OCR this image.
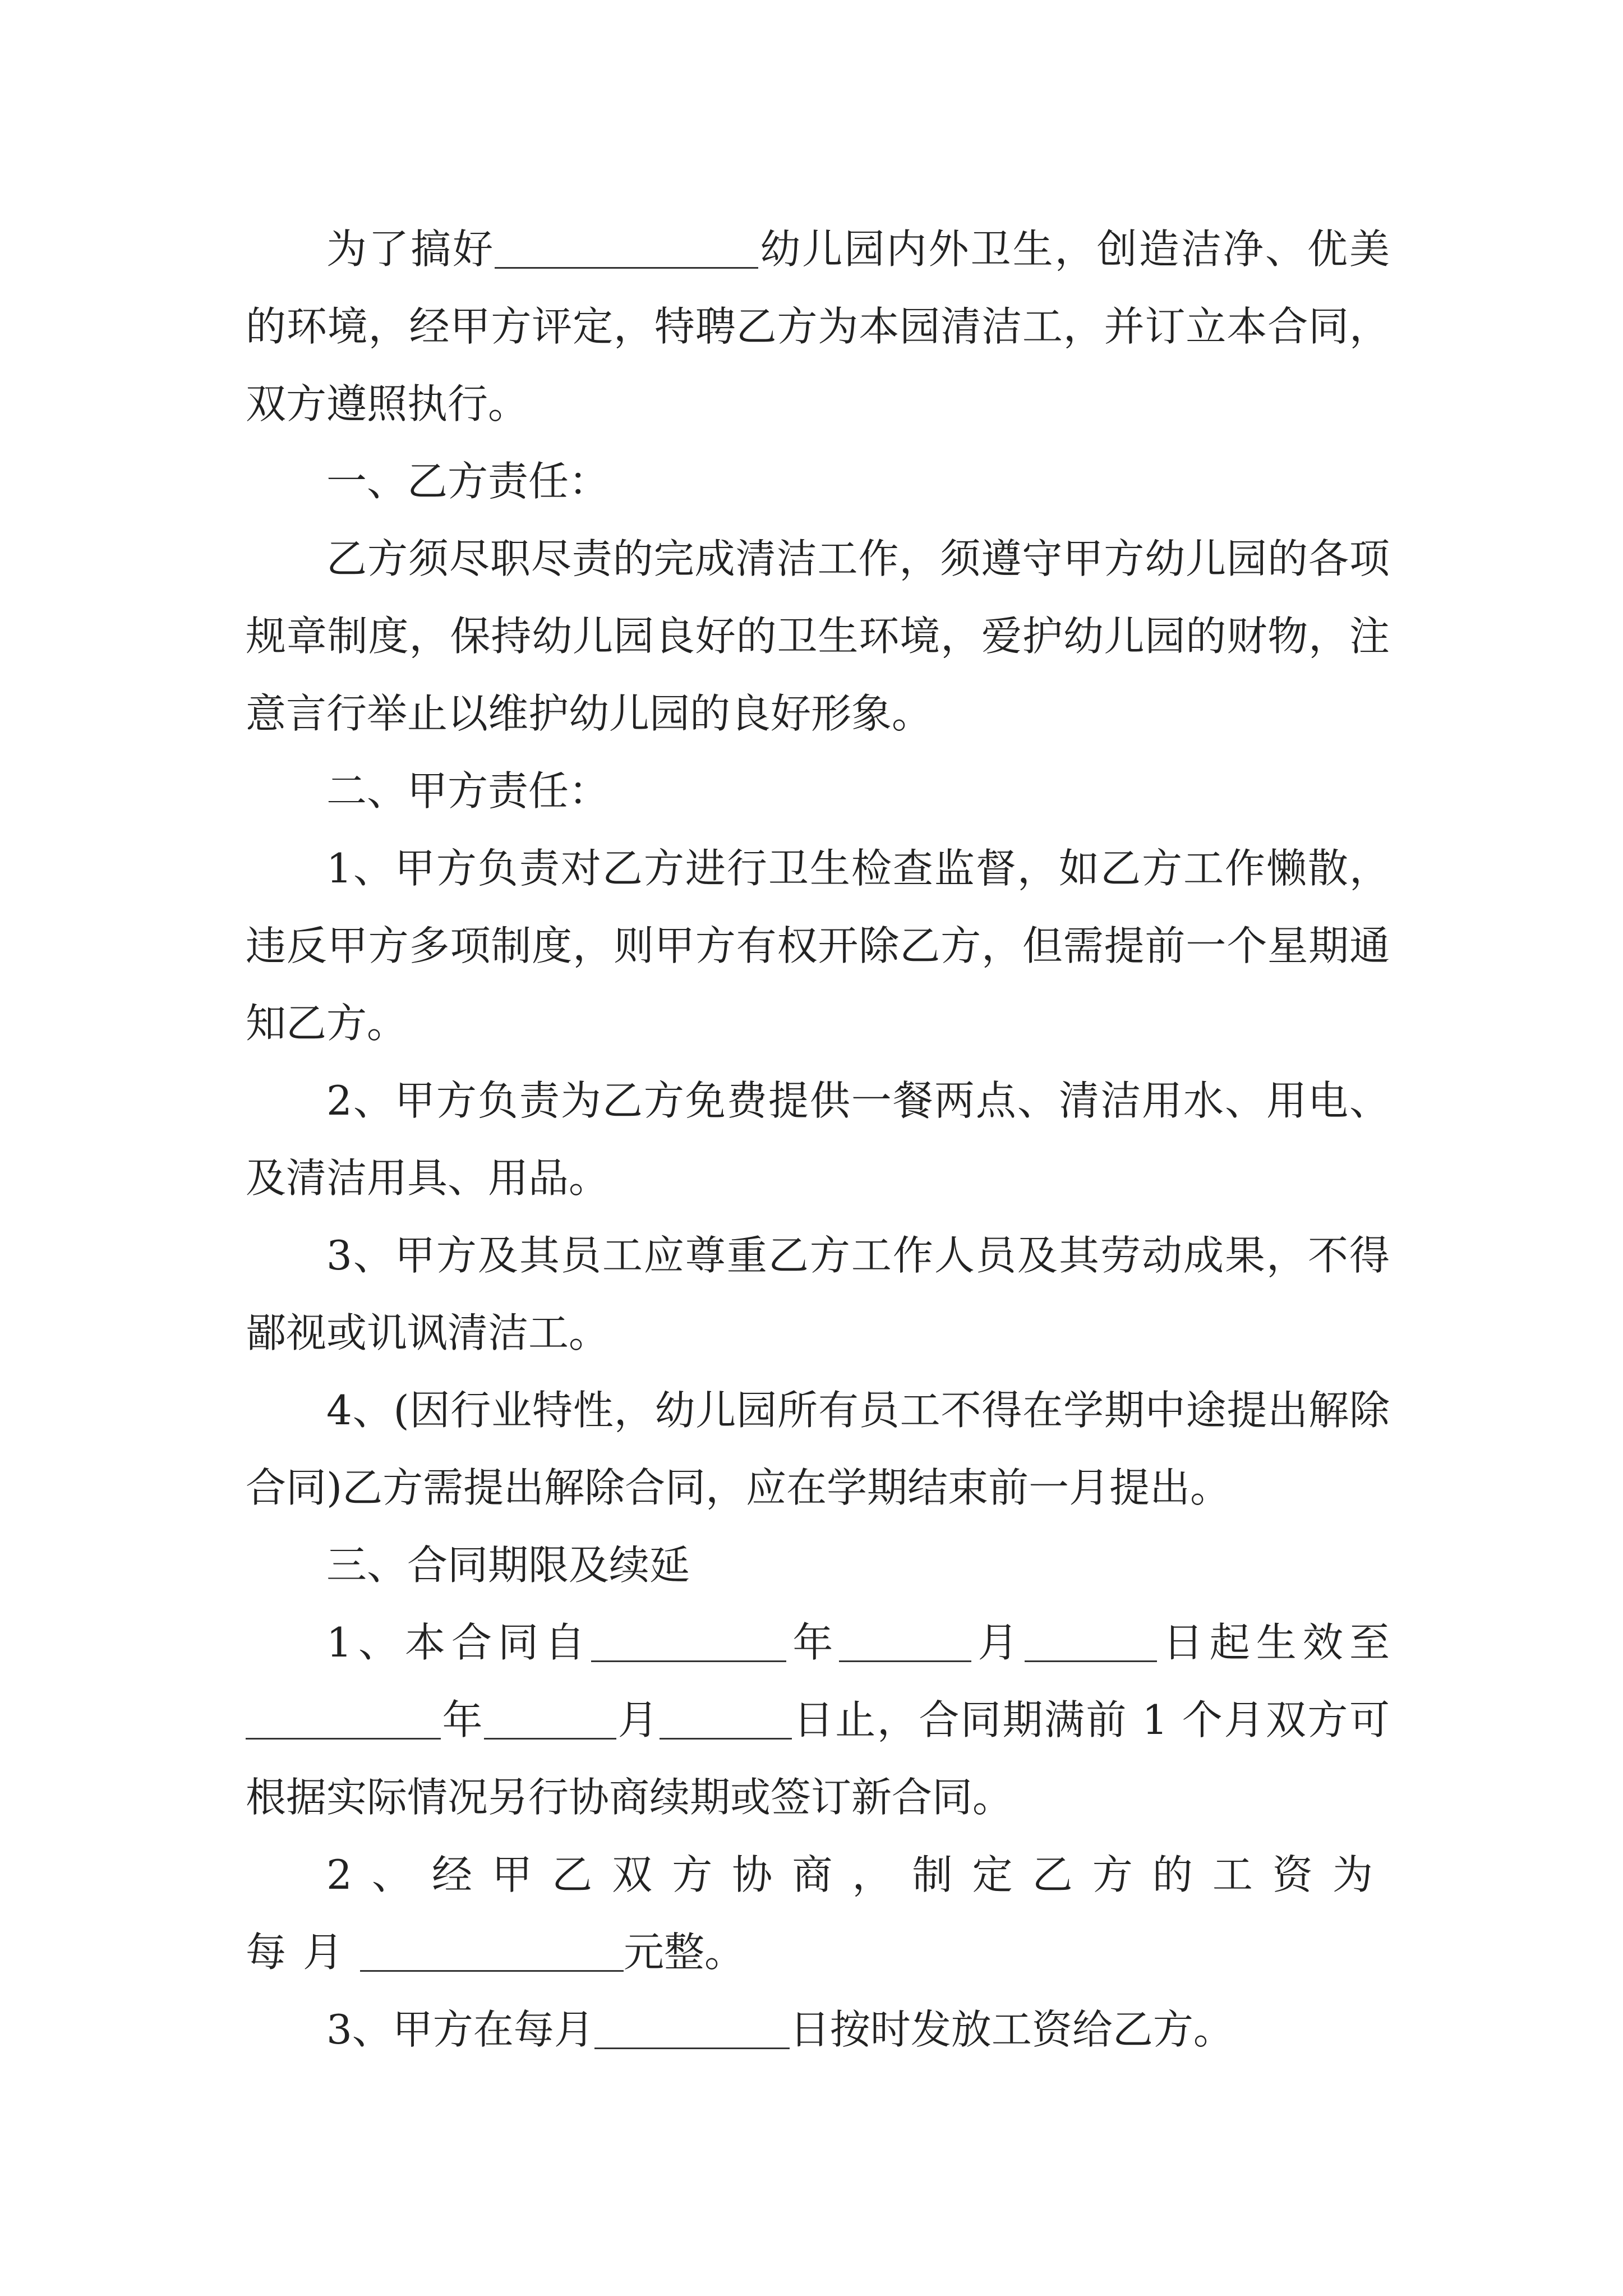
为了搞好	幼儿园内外卫生，创造洁净、优美的环境，经甲方评定，特聘乙方为本园清洁工，并订立本合同，双方遵照执行。

一、乙方责任：

乙方须尽职尽责的完成清洁工作，须遵守甲方幼儿园的各项规章制度，保持幼儿园良好的卫生环境，爱护幼儿园的财物，注意言行举止以维护幼儿园的良好形象。

二、甲方责任：

1、甲方负责对乙方进行卫生检查监督，如乙方工作懒散，违反甲方多项制度，则甲方有权开除乙方，但需提前一个星期通知乙方。

2、甲方负责为乙方免费提供一餐两点、清洁用水、用电、及清洁用具、用品。

3、甲方及其员工应尊重乙方工作人员及其劳动成果，不得鄙视或讥讽清洁工。

4、(因行业特性，幼儿园所有员工不得在学期中途提出解除合同)乙方需提出解除合同，应在学期结束前一月提出。

三、合同期限及续延

1、本合同自	年	月	日起生效至年	月	日止，合同期满前 1 个月双方可根据实际情况另行协商续期或签订新合同。

2、经甲乙双方协商，制定乙方的工资为每月	元整。

3、甲方在每月	日按时发放工资给乙方。
